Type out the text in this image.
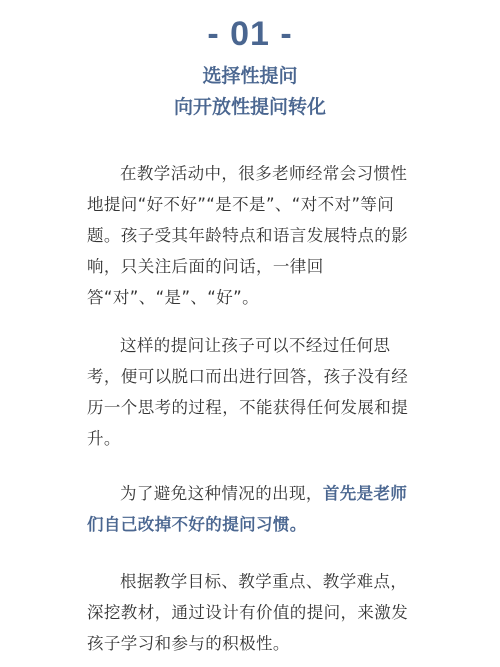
- 01 -
选择性提问
向开放性提问转化

在教学活动中，很多老师经常会习惯性地提问“好不好”“是不是”、“对不对”等问题。孩子受其年龄特点和语言发展特点的影响，只关注后面的问话，一律回答“对”、“是”、“好”。

这样的提问让孩子可以不经过任何思考，便可以脱口而出进行回答，孩子没有经历一个思考的过程，不能获得任何发展和提升。

为了避免这种情况的出现，首先是老师们自己改掉不好的提问习惯。

根据教学目标、教学重点、教学难点，深挖教材，通过设计有价值的提问，来激发孩子学习和参与的积极性。
